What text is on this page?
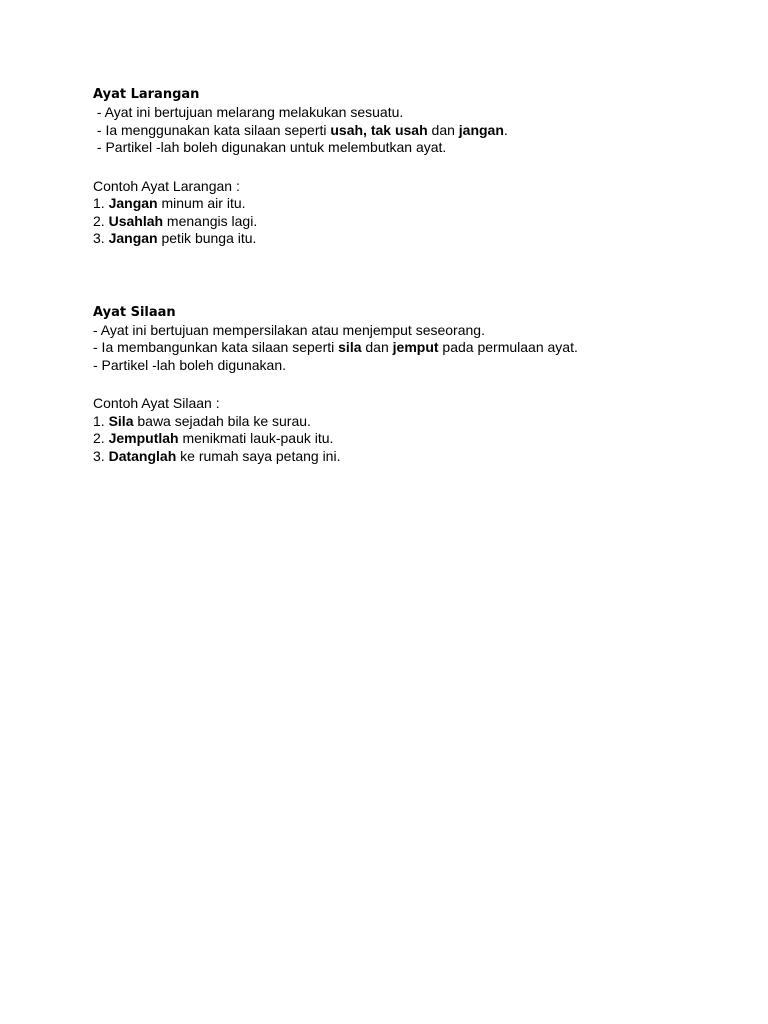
Ayat Larangan
- Ayat ini bertujuan melarang melakukan sesuatu.
- Ia menggunakan kata silaan seperti usah, tak usah dan jangan.
- Partikel -lah boleh digunakan untuk melembutkan ayat.
Contoh Ayat Larangan :
1. Jangan minum air itu.
2. Usahlah menangis lagi.
3. Jangan petik bunga itu.
Ayat Silaan
- Ayat ini bertujuan mempersilakan atau menjemput seseorang.
- Ia membangunkan kata silaan seperti sila dan jemput pada permulaan ayat.
- Partikel -lah boleh digunakan.
Contoh Ayat Silaan :
1. Sila bawa sejadah bila ke surau.
2. Jemputlah menikmati lauk-pauk itu.
3. Datanglah ke rumah saya petang ini.
